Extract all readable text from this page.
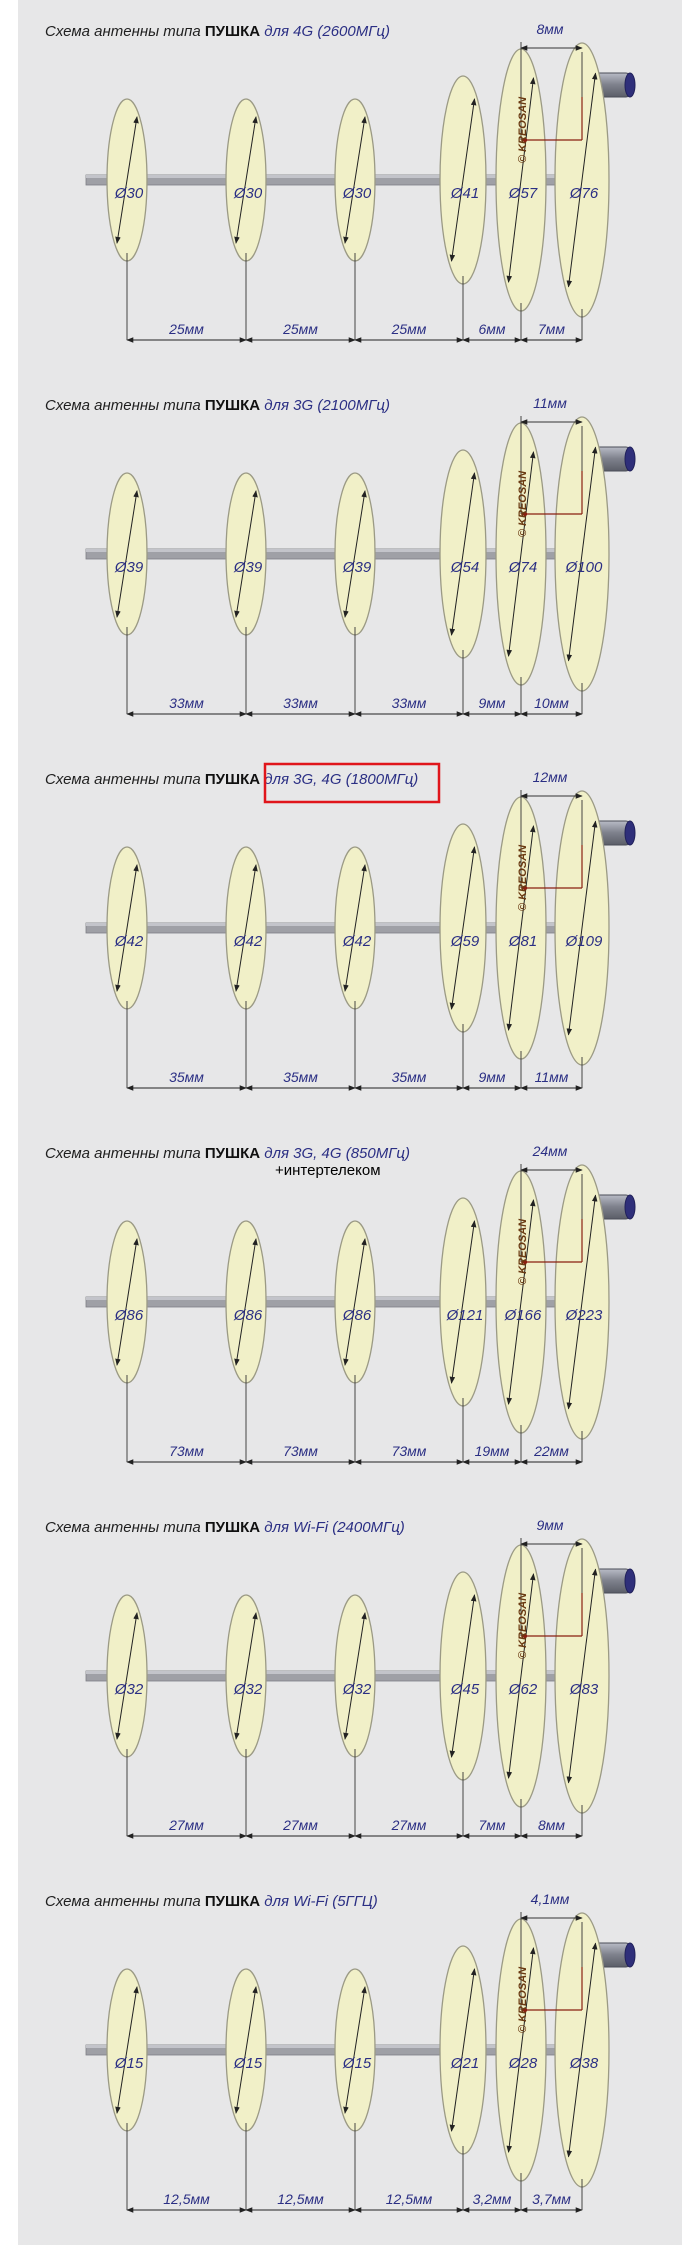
Схема антенны типа ПУШКА для 4G (2600МГц)
Ø30	Ø30	Ø30	Ø41 Ø57 Ø76
8мм
© KREOSAN
25мм	25мм	25мм	6мм 7мм
Схема антенны типа ПУШКА для 3G (2100МГц)
Ø39	Ø39	Ø39	Ø54 Ø74 Ø100
11мм
© KREOSAN
33мм	33мм	33мм	9мм 10мм
Схема антенны типа ПУШКА для 3G, 4G (1800МГц)
Ø42	Ø42	Ø42	Ø59 Ø81 Ø109
12мм
© KREOSAN
35мм	35мм	35мм	9мм 11мм
Схема антенны типа ПУШКА для 3G, 4G (850МГц)
+интертелеком
Ø86	Ø86	Ø86	Ø121 Ø166 Ø223
24мм
© KREOSAN
73мм	73мм	73мм	19мм 22мм
Схема антенны типа ПУШКА для Wi-Fi (2400МГц)
Ø32	Ø32	Ø32	Ø45 Ø62 Ø83
9мм
© KREOSAN
27мм	27мм	27мм	7мм 8мм
Схема антенны типа ПУШКА для Wi-Fi (5ГГЦ)
Ø15	Ø15	Ø15	Ø21 Ø28 Ø38
4,1мм
© KREOSAN
12,5мм	12,5мм	12,5мм	3,2мм 3,7мм
